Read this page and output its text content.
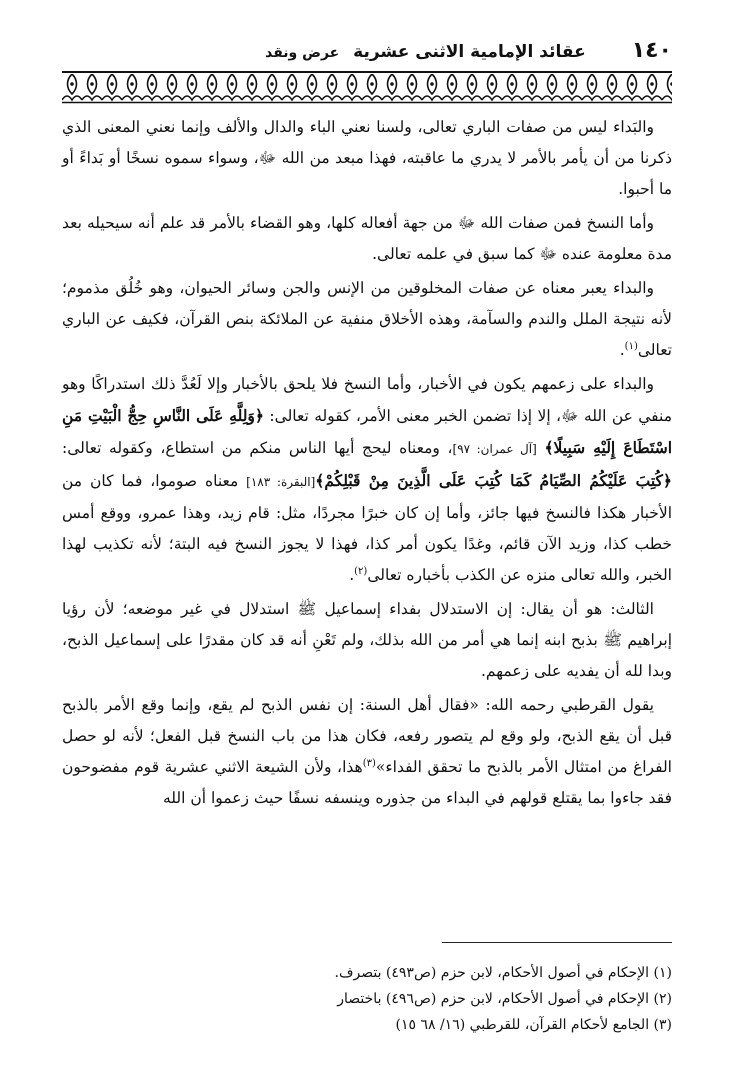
١٤٠
عقائد الإمامية الاثنى عشرية عرض ونقد

والبَداء ليس من صفات الباري تعالى، ولسنا نعني الباء والدال والألف وإنما نعني المعنى الذي ذكرنا من أن يأمر بالأمر لا يدري ما عاقبته، فهذا مبعد من الله ﷻ، وسواء سموه نسخًا أو بَداءً أو ما أحبوا.

وأما النسخ فمن صفات الله ﷻ من جهة أفعاله كلها، وهو القضاء بالأمر قد علم أنه سيحيله بعد مدة معلومة عنده ﷻ كما سبق في علمه تعالى.

والبداء يعبر معناه عن صفات المخلوقين من الإنس والجن وسائر الحيوان، وهو خُلُق مذموم؛ لأنه نتيجة الملل والندم والسآمة، وهذه الأخلاق منفية عن الملائكة بنص القرآن، فكيف عن الباري تعالى$^{(١)}$.

والبداء على زعمهم يكون في الأخبار، وأما النسخ فلا يلحق بالأخبار وإلا لَعُدَّ ذلك استدراكًا وهو منفي عن الله ﷻ، إلا إذا تضمن الخبر معنى الأمر، كقوله تعالى: ﴿وَلِلَّهِ عَلَى النَّاسِ حِجُّ الْبَيْتِ مَنِ اسْتَطَاعَ إِلَيْهِ سَبِيلًا﴾ [آل عمران: ٩٧]، ومعناه ليحج أيها الناس منكم من استطاع، وكقوله تعالى: ﴿كُتِبَ عَلَيْكُمُ الصِّيَامُ كَمَا كُتِبَ عَلَى الَّذِينَ مِنْ قَبْلِكُمْ﴾[البقرة: ١٨٣] معناه صوموا، فما كان من الأخبار هكذا فالنسخ فيها جائز، وأما إن كان خبرًا مجردًا، مثل: قام زيد، وهذا عمرو، ووقع أمس خطب كذا، وزيد الآن قائم، وغدًا يكون أمر كذا، فهذا لا يجوز النسخ فيه البتة؛ لأنه تكذيب لهذا الخبر، والله تعالى منزه عن الكذب بأخباره تعالى$^{(٢)}$.

الثالث: هو أن يقال: إن الاستدلال بفداء إسماعيل ﷺ استدلال في غير موضعه؛ لأن رؤيا إبراهيم ﷺ بذبح ابنه إنما هي أمر من الله بذلك، ولم تَعْنِ أنه قد كان مقدرًا على إسماعيل الذبح، وبدا لله أن يفديه على زعمهم.

يقول القرطبي رحمه الله: «فقال أهل السنة: إن نفس الذبح لم يقع، وإنما وقع الأمر بالذبح قبل أن يقع الذبح، ولو وقع لم يتصور رفعه، فكان هذا من باب النسخ قبل الفعل؛ لأنه لو حصل الفراغ من امتثال الأمر بالذبح ما تحقق الفداء»$^{(٣)}$هذا، ولأن الشيعة الاثني عشرية قوم مفضوحون فقد جاءوا بما يقتلع قولهم في البداء من جذوره وينسفه نسفًا حيث زعموا أن الله

(١) الإحكام في أصول الأحكام، لابن حزم (ص٤٩٣) بتصرف.
(٢) الإحكام في أصول الأحكام، لابن حزم (ص٤٩٦) باختصار
(٣) الجامع لأحكام القرآن، للقرطبي (١٦/ ٦٨ ١٥)
